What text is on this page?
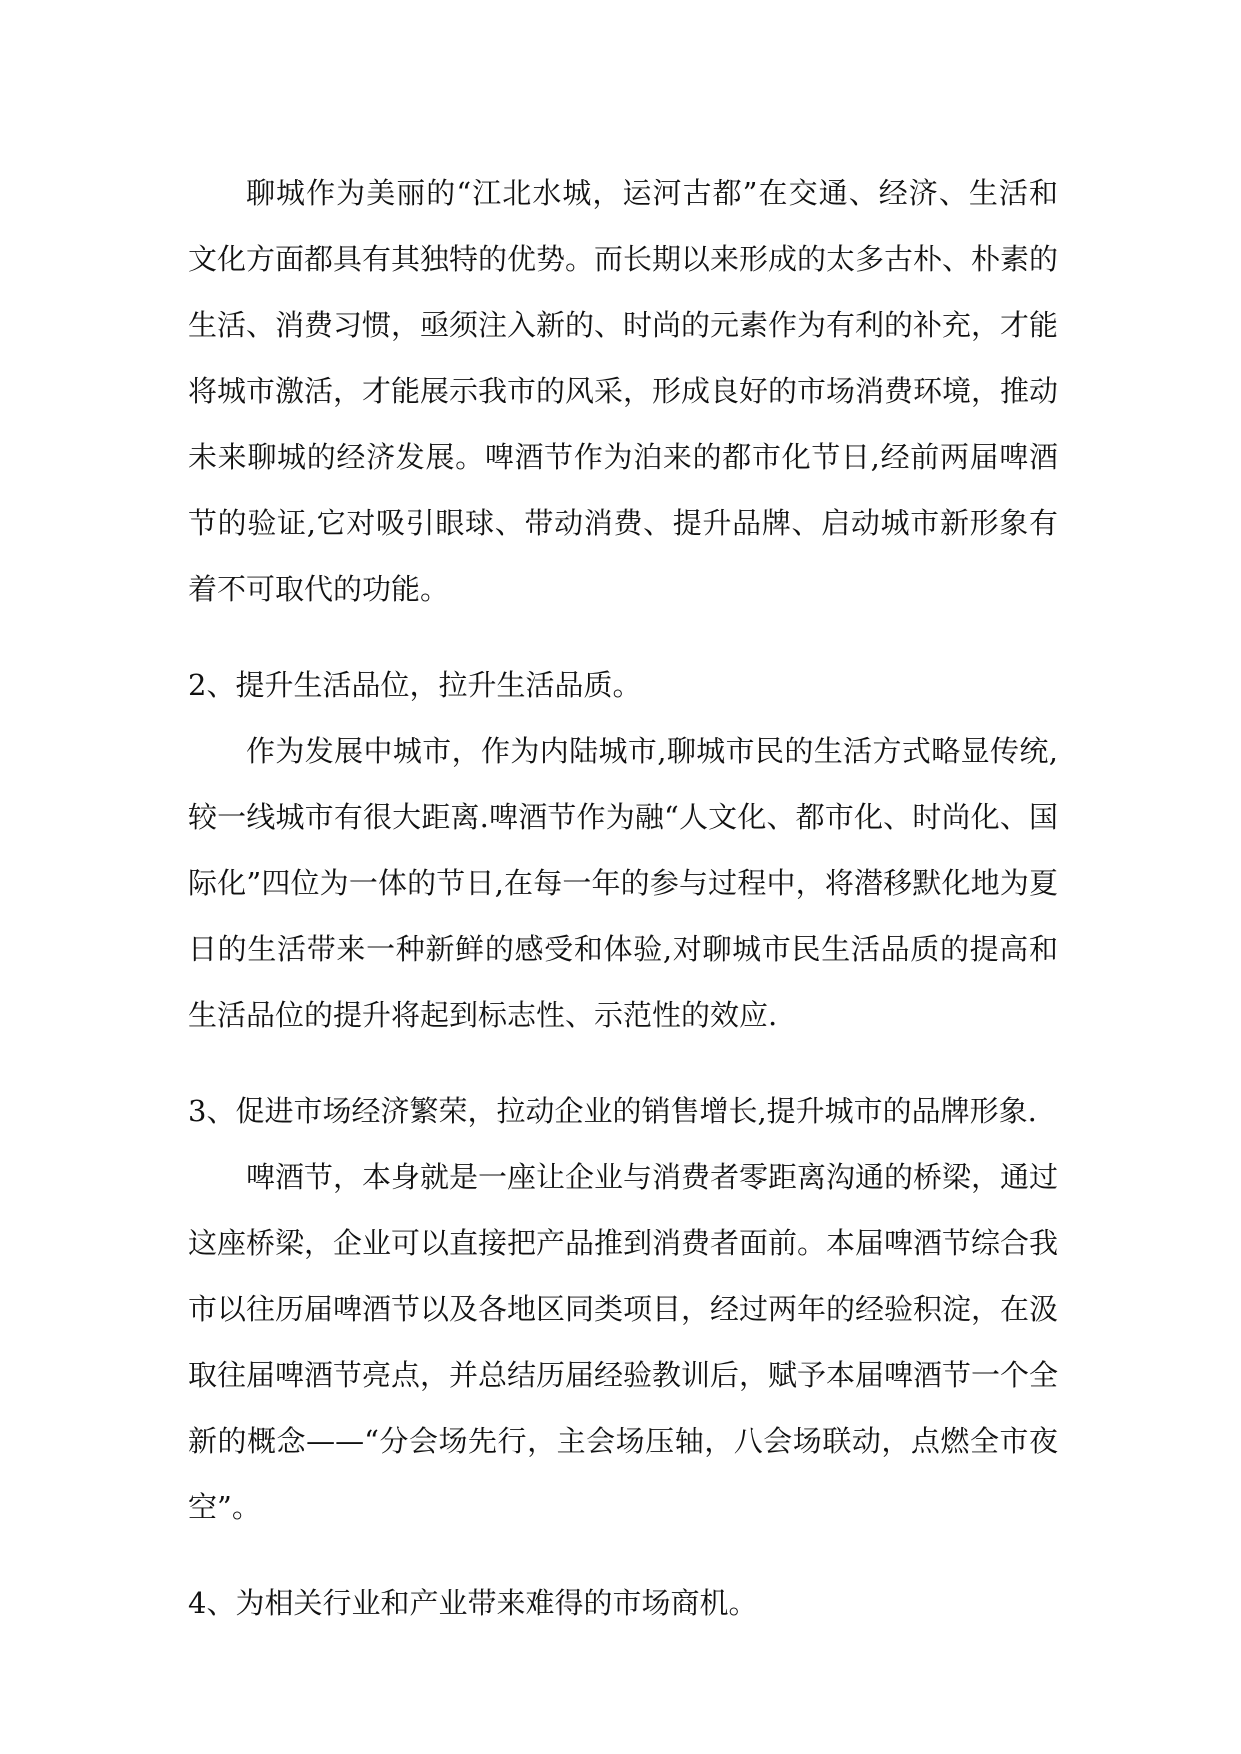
聊城作为美丽的“江北水城，运河古都”在交通、经济、生活和文化方面都具有其独特的优势。而长期以来形成的太多古朴、朴素的生活、消费习惯，亟须注入新的、时尚的元素作为有利的补充，才能将城市激活，才能展示我市的风采，形成良好的市场消费环境，推动未来聊城的经济发展。啤酒节作为泊来的都市化节日,经前两届啤酒节的验证,它对吸引眼球、带动消费、提升品牌、启动城市新形象有着不可取代的功能。

2、提升生活品位，拉升生活品质。

作为发展中城市，作为内陆城市,聊城市民的生活方式略显传统,较一线城市有很大距离.啤酒节作为融“人文化、都市化、时尚化、国际化”四位为一体的节日,在每一年的参与过程中，将潜移默化地为夏日的生活带来一种新鲜的感受和体验,对聊城市民生活品质的提高和生活品位的提升将起到标志性、示范性的效应.

3、促进市场经济繁荣，拉动企业的销售增长,提升城市的品牌形象.

啤酒节，本身就是一座让企业与消费者零距离沟通的桥梁，通过这座桥梁，企业可以直接把产品推到消费者面前。本届啤酒节综合我市以往历届啤酒节以及各地区同类项目，经过两年的经验积淀，在汲取往届啤酒节亮点，并总结历届经验教训后，赋予本届啤酒节一个全新的概念——“分会场先行，主会场压轴，八会场联动，点燃全市夜空”。

4、为相关行业和产业带来难得的市场商机。
